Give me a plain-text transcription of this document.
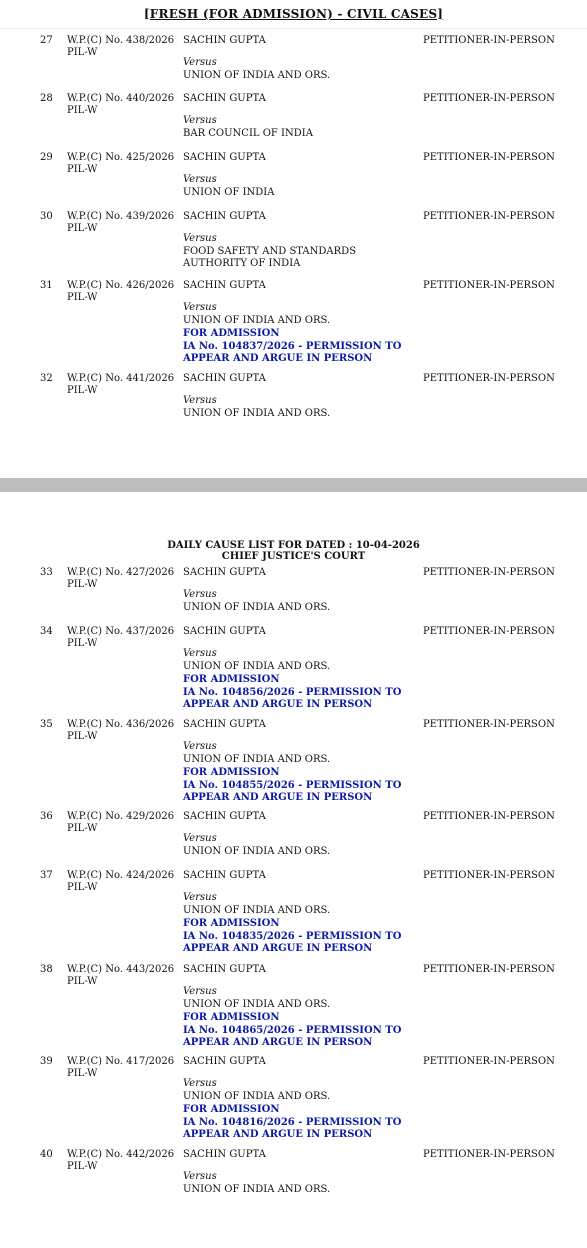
[FRESH (FOR ADMISSION) - CIVIL CASES]
27 W.P.(C) No. 438/2026
PIL-W
SACHIN GUPTA
Versus
UNION OF INDIA AND ORS.
PETITIONER-IN-PERSON
28 W.P.(C) No. 440/2026
PIL-W
SACHIN GUPTA
Versus
BAR COUNCIL OF INDIA
PETITIONER-IN-PERSON
29 W.P.(C) No. 425/2026
PIL-W
SACHIN GUPTA
Versus
UNION OF INDIA
PETITIONER-IN-PERSON
30 W.P.(C) No. 439/2026
PIL-W
SACHIN GUPTA
Versus
FOOD SAFETY AND STANDARDS AUTHORITY OF INDIA
PETITIONER-IN-PERSON
31 W.P.(C) No. 426/2026
PIL-W
SACHIN GUPTA
Versus
UNION OF INDIA AND ORS.
FOR ADMISSION
IA No. 104837/2026 - PERMISSION TO APPEAR AND ARGUE IN PERSON
PETITIONER-IN-PERSON
32 W.P.(C) No. 441/2026
PIL-W
SACHIN GUPTA
Versus
UNION OF INDIA AND ORS.
PETITIONER-IN-PERSON
DAILY CAUSE LIST FOR DATED : 10-04-2026
CHIEF JUSTICE'S COURT
33 W.P.(C) No. 427/2026
PIL-W
SACHIN GUPTA
Versus
UNION OF INDIA AND ORS.
PETITIONER-IN-PERSON
34 W.P.(C) No. 437/2026
PIL-W
SACHIN GUPTA
Versus
UNION OF INDIA AND ORS.
FOR ADMISSION
IA No. 104856/2026 - PERMISSION TO APPEAR AND ARGUE IN PERSON
PETITIONER-IN-PERSON
35 W.P.(C) No. 436/2026
PIL-W
SACHIN GUPTA
Versus
UNION OF INDIA AND ORS.
FOR ADMISSION
IA No. 104855/2026 - PERMISSION TO APPEAR AND ARGUE IN PERSON
PETITIONER-IN-PERSON
36 W.P.(C) No. 429/2026
PIL-W
SACHIN GUPTA
Versus
UNION OF INDIA AND ORS.
PETITIONER-IN-PERSON
37 W.P.(C) No. 424/2026
PIL-W
SACHIN GUPTA
Versus
UNION OF INDIA AND ORS.
FOR ADMISSION
IA No. 104835/2026 - PERMISSION TO APPEAR AND ARGUE IN PERSON
PETITIONER-IN-PERSON
38 W.P.(C) No. 443/2026
PIL-W
SACHIN GUPTA
Versus
UNION OF INDIA AND ORS.
FOR ADMISSION
IA No. 104865/2026 - PERMISSION TO APPEAR AND ARGUE IN PERSON
PETITIONER-IN-PERSON
39 W.P.(C) No. 417/2026
PIL-W
SACHIN GUPTA
Versus
UNION OF INDIA AND ORS.
FOR ADMISSION
IA No. 104816/2026 - PERMISSION TO APPEAR AND ARGUE IN PERSON
PETITIONER-IN-PERSON
40 W.P.(C) No. 442/2026
PIL-W
SACHIN GUPTA
Versus
UNION OF INDIA AND ORS.
PETITIONER-IN-PERSON
